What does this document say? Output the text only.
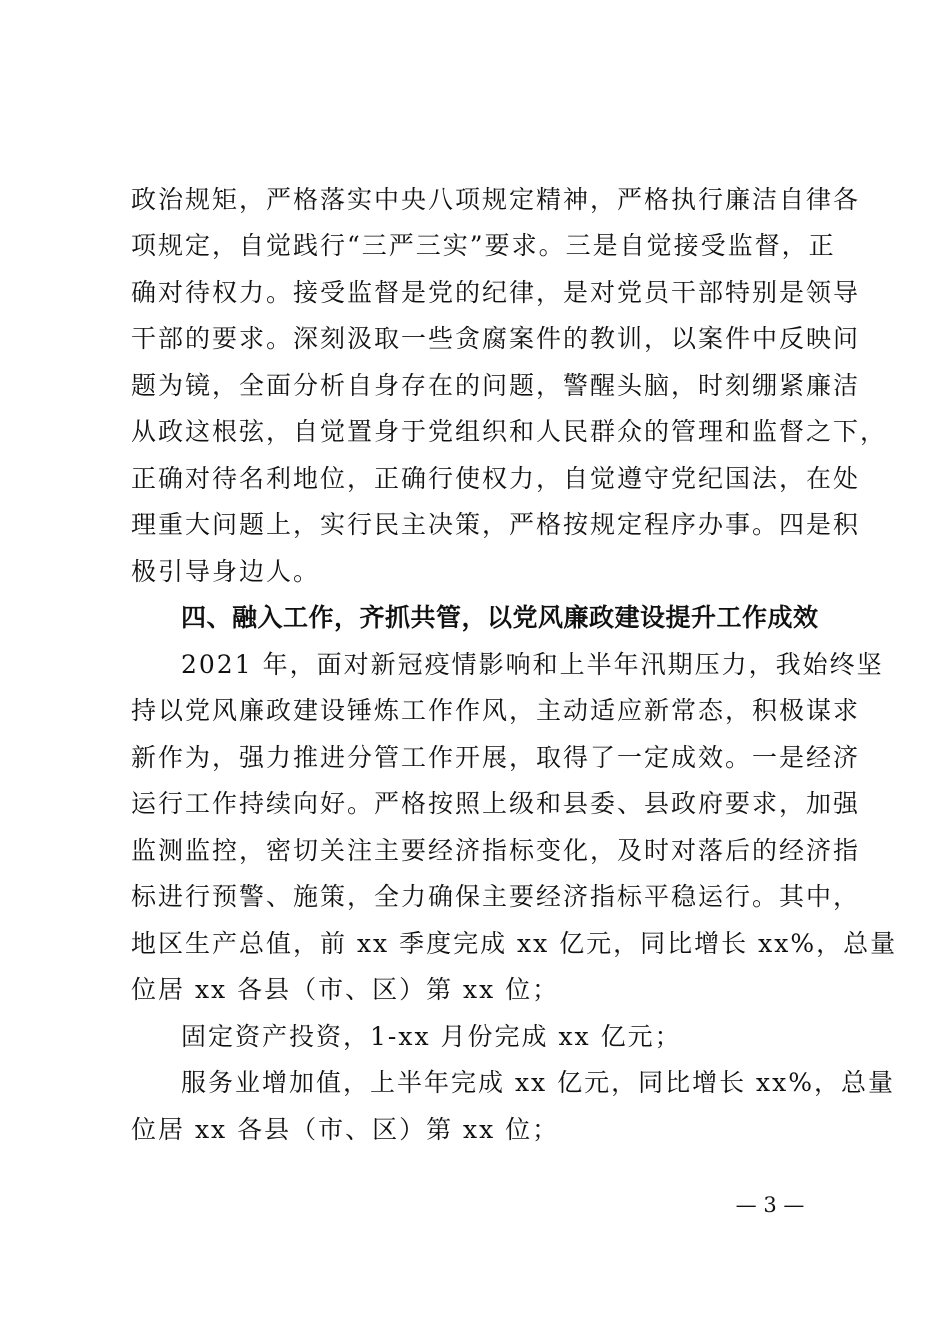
政治规矩，严格落实中央八项规定精神，严格执行廉洁自律各
项规定，自觉践行“三严三实”要求。三是自觉接受监督，正
确对待权力。接受监督是党的纪律，是对党员干部特别是领导
干部的要求。深刻汲取一些贪腐案件的教训，以案件中反映问
题为镜，全面分析自身存在的问题，警醒头脑，时刻绷紧廉洁
从政这根弦，自觉置身于党组织和人民群众的管理和监督之下，
正确对待名利地位，正确行使权力，自觉遵守党纪国法，在处
理重大问题上，实行民主决策，严格按规定程序办事。四是积
极引导身边人。
四、融入工作，齐抓共管，以党风廉政建设提升工作成效
2021 年，面对新冠疫情影响和上半年汛期压力，我始终坚
持以党风廉政建设锤炼工作作风，主动适应新常态，积极谋求
新作为，强力推进分管工作开展，取得了一定成效。一是经济
运行工作持续向好。严格按照上级和县委、县政府要求，加强
监测监控，密切关注主要经济指标变化，及时对落后的经济指
标进行预警、施策，全力确保主要经济指标平稳运行。其中，
地区生产总值，前 xx 季度完成 xx 亿元，同比增长 xx%，总量
位居 xx 各县（市、区）第 xx 位；
固定资产投资，1-xx 月份完成 xx 亿元；
服务业增加值，上半年完成 xx 亿元，同比增长 xx%，总量
位居 xx 各县（市、区）第 xx 位；
— 3 —
